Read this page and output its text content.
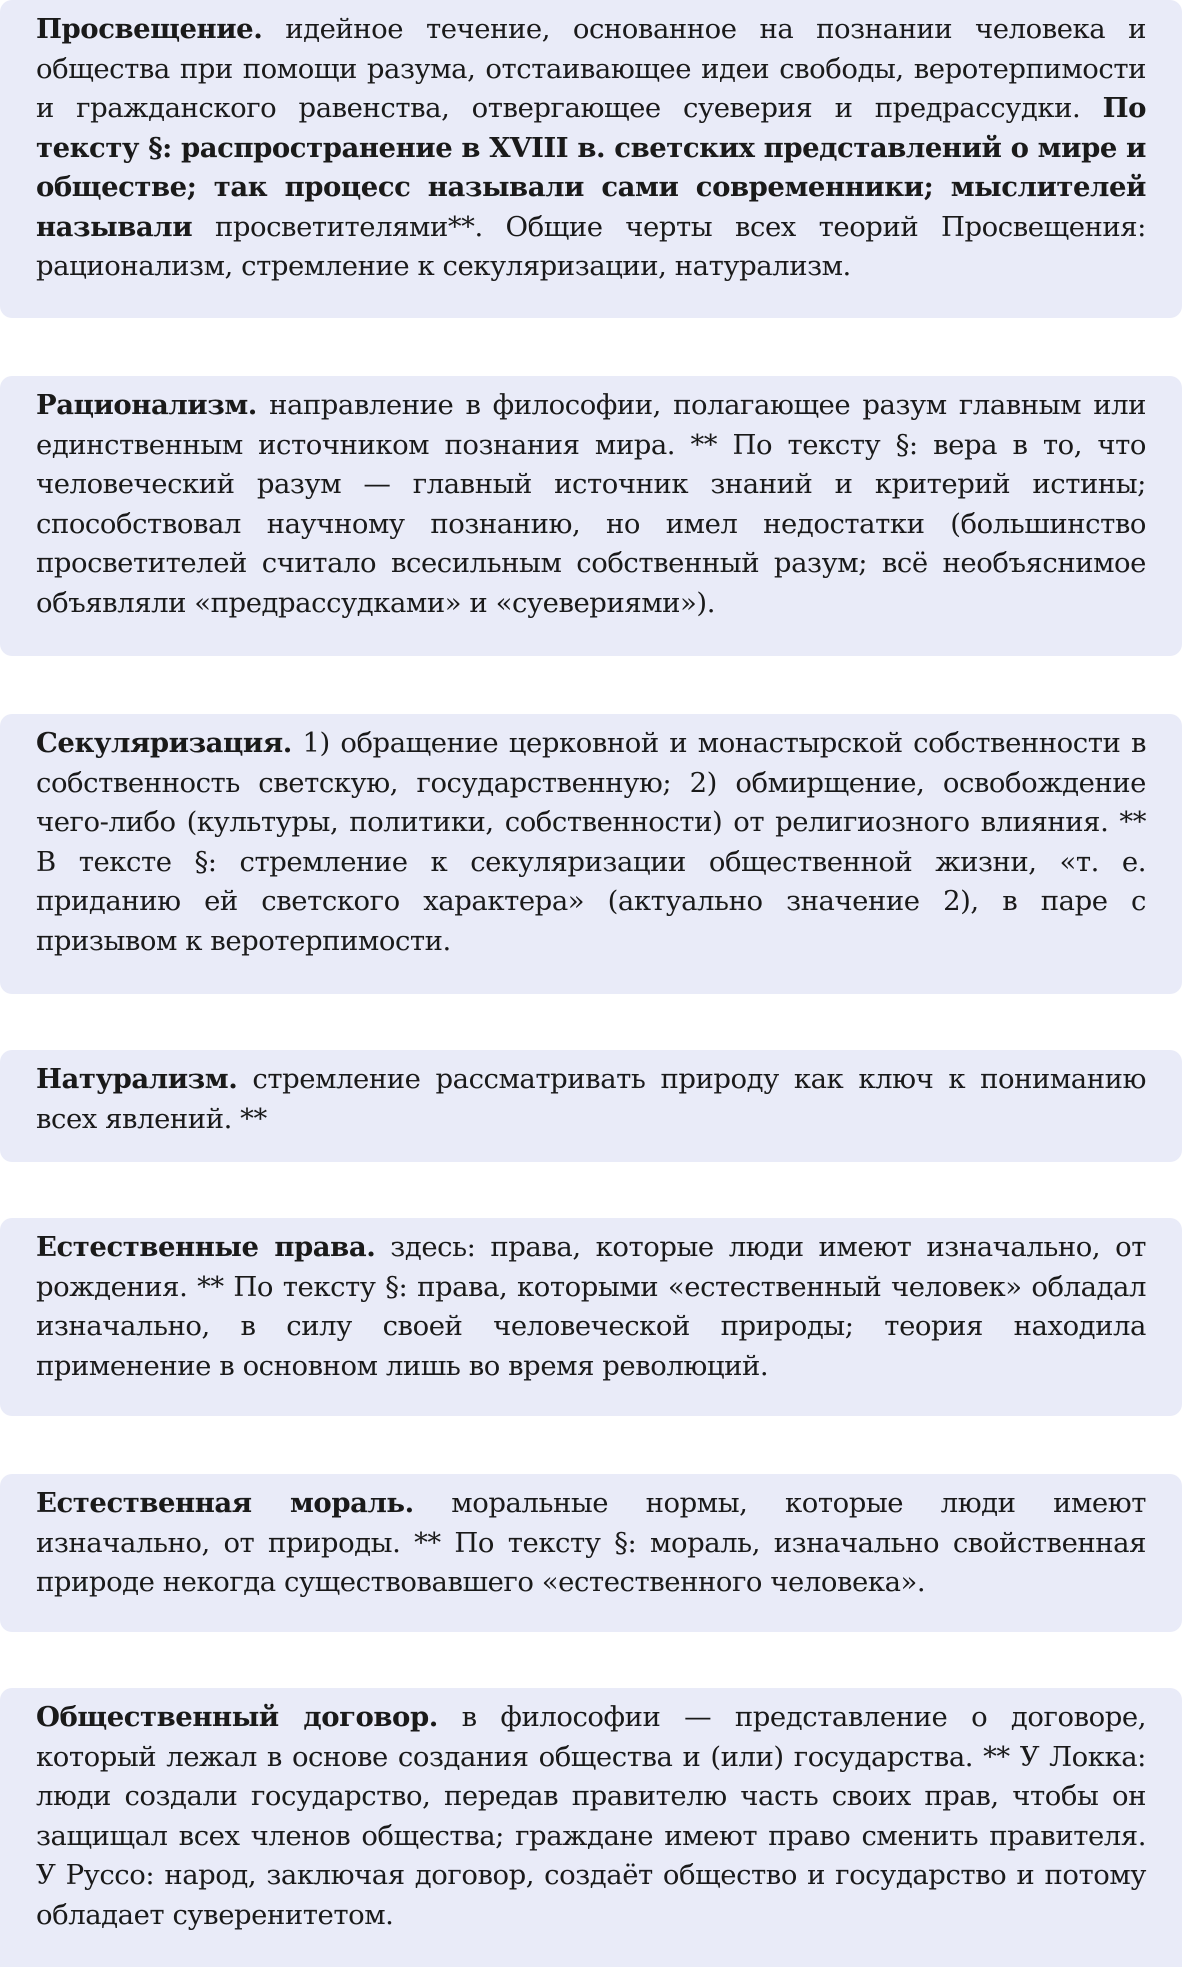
Просвещение. идейное течение, основанное на познании человека и общества при помощи разума, отстаивающее идеи свободы, веротерпимости и гражданского равенства, отвергающее суеверия и предрассудки. По тексту §: распространение в XVIII в. светских представлений о мире и обществе; так процесс называли сами современники; мыслителей называли просветителями**. Общие черты всех теорий Просвещения: рационализм, стремление к секуляризации, натурализм.

Рационализм. направление в философии, полагающее разум главным или единственным источником познания мира. ** По тексту §: вера в то, что человеческий разум — главный источник знаний и критерий истины; способствовал научному познанию, но имел недостатки (большинство просветителей считало всесильным собственный разум; всё необъяснимое объявляли «предрассудками» и «суевериями»).

Секуляризация. 1) обращение церковной и монастырской собственности в собственность светскую, государственную; 2) обмирщение, освобождение чего-либо (культуры, политики, собственности) от религиозного влияния. ** В тексте §: стремление к секуляризации общественной жизни, «т. е. приданию ей светского характера» (актуально значение 2), в паре с призывом к веротерпимости.

Натурализм. стремление рассматривать природу как ключ к пониманию всех явлений. **

Естественные права. здесь: права, которые люди имеют изначально, от рождения. ** По тексту §: права, которыми «естественный человек» обладал изначально, в силу своей человеческой природы; теория находила применение в основном лишь во время революций.

Естественная мораль. моральные нормы, которые люди имеют изначально, от природы. ** По тексту §: мораль, изначально свойственная природе некогда существовавшего «естественного человека».

Общественный договор. в философии — представление о договоре, который лежал в основе создания общества и (или) государства. ** У Локка: люди создали государство, передав правителю часть своих прав, чтобы он защищал всех членов общества; граждане имеют право сменить правителя. У Руссо: народ, заключая договор, создаёт общество и государство и потому обладает суверенитетом.
